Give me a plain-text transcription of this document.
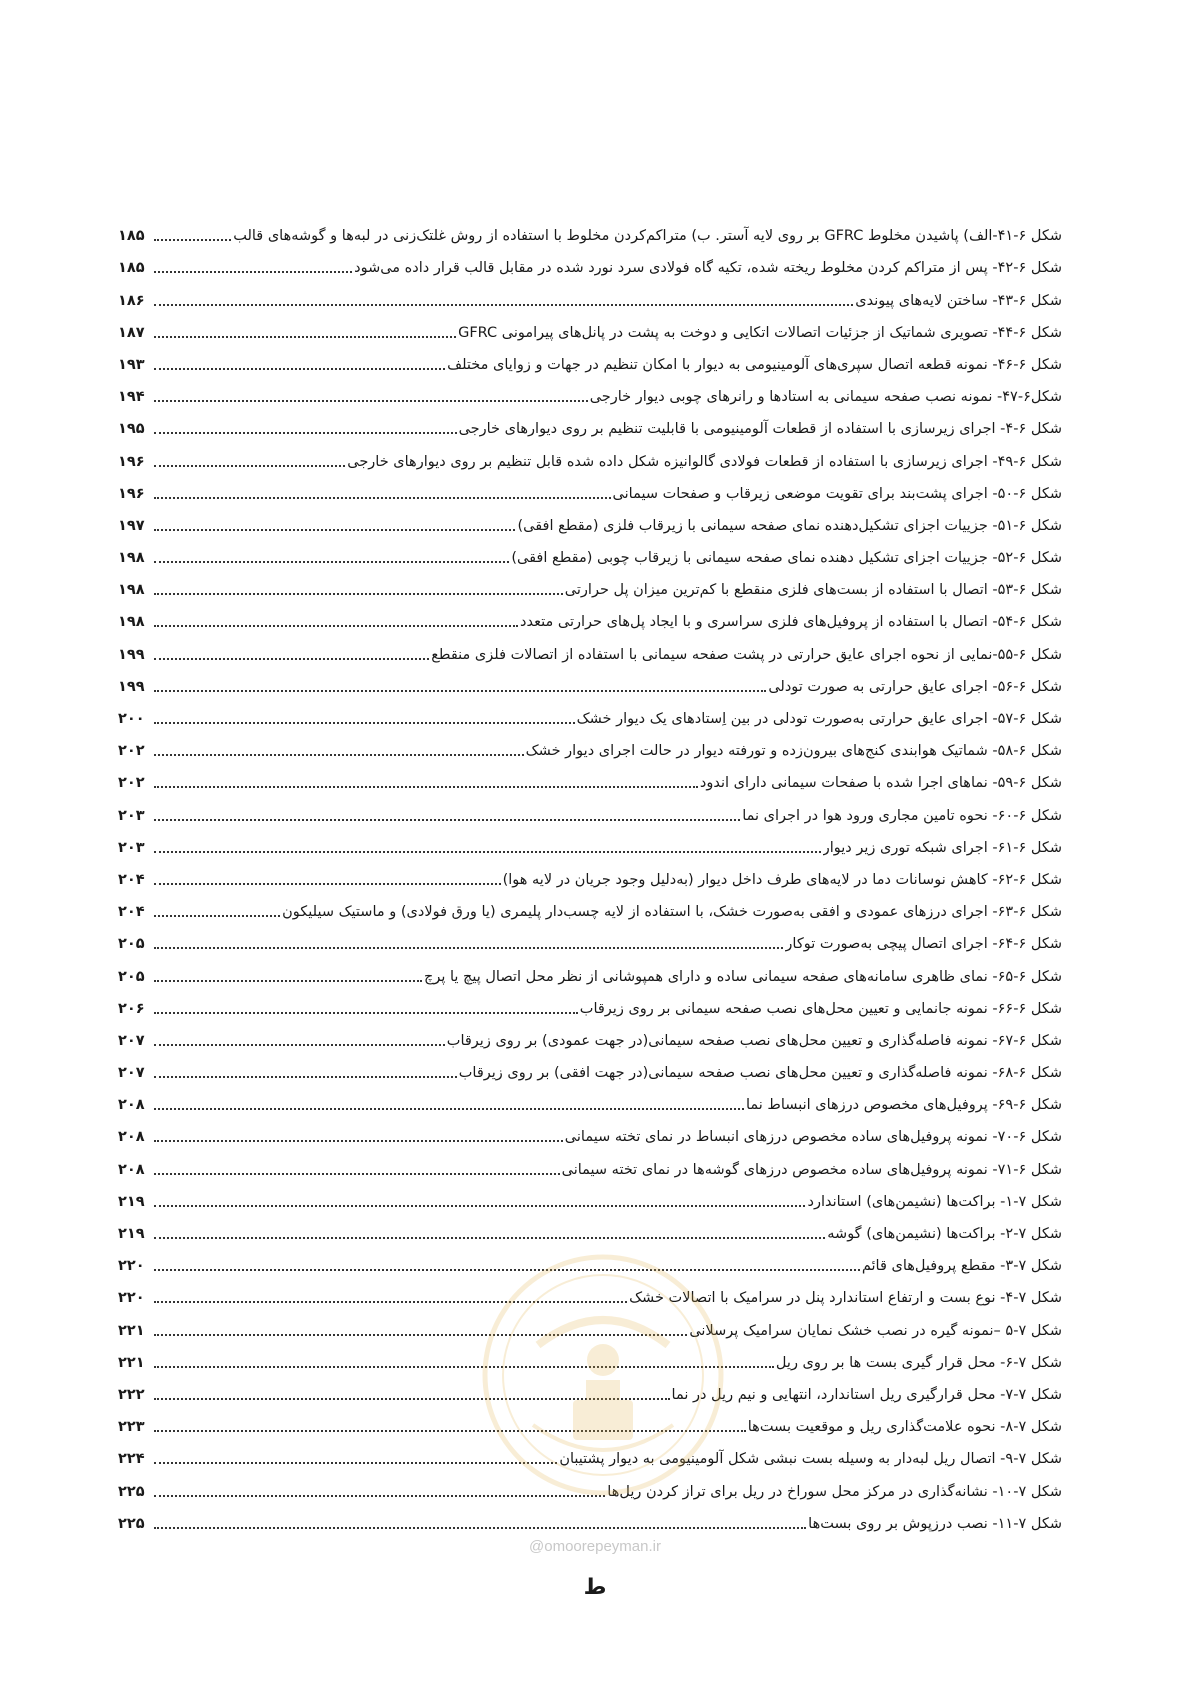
شکل ۶-۴۱-الف) پاشیدن مخلوط GFRC بر روی لایه آستر. ب) متراکم‌کردن مخلوط با استفاده از روش غلتک‌زنی در لبه‌ها و گوشه‌های قالب
۱۸۵
شکل ۶-۴۲- پس از متراکم کردن مخلوط ریخته شده، تکیه گاه فولادی سرد نورد شده در مقابل قالب قرار داده می‌شود
۱۸۵
شکل ۶-۴۳- ساختن لایه‌های پیوندی
۱۸۶
شکل ۶-۴۴- تصویری شماتیک از جزئیات اتصالات اتکایی و دوخت به پشت در پانل‌های پیرامونی GFRC
۱۸۷
شکل ۶-۴۶- نمونه قطعه اتصال سپری‌های آلومینیومی به دیوار با امکان تنظیم در جهات و زوایای مختلف
۱۹۳
شکل۶-۴۷- نمونه نصب صفحه سیمانی به استادها و رانرهای چوبی دیوار خارجی
۱۹۴
شکل ۶-۴- اجرای زیرسازی با استفاده از قطعات آلومینیومی با قابلیت تنظیم بر روی دیوارهای خارجی
۱۹۵
شکل ۶-۴۹- اجرای زیرسازی با استفاده از قطعات فولادی گالوانیزه شکل داده شده قابل تنظیم بر روی دیوارهای خارجی
۱۹۶
شکل ۶-۵۰- اجرای پشت‌بند برای تقویت موضعی زیرقاب و صفحات سیمانی
۱۹۶
شکل ۶-۵۱- جزییات اجزای تشکیل‌دهنده نمای صفحه سیمانی با زیرقاب فلزی (مقطع افقی)
۱۹۷
شکل ۶-۵۲- جزییات اجزای تشکیل دهنده نمای صفحه سیمانی با زیرقاب چوبی (مقطع افقی)
۱۹۸
شکل ۶-۵۳- اتصال با استفاده از بست‌های فلزی منقطع با کم‌ترین میزان پل حرارتی
۱۹۸
شکل ۶-۵۴- اتصال با استفاده از پروفیل‌های فلزی سراسری و با ایجاد پل‌های حرارتی متعدد
۱۹۸
شکل ۶-۵۵-نمایی از نحوه اجرای عایق حرارتی در پشت صفحه سیمانی با استفاده از اتصالات فلزی منقطع
۱۹۹
شکل ۶-۵۶- اجرای عایق حرارتی به صورت تودلی
۱۹۹
شکل ۶-۵۷- اجرای عایق حرارتی به‌صورت تودلی در بین اِستادهای یک دیوار خشک
۲۰۰
شکل ۶-۵۸- شماتیک هوابندی کنج‌های بیرون‌زده و تورفته دیوار در حالت اجرای دیوار خشک
۲۰۲
شکل ۶-۵۹- نماهای اجرا شده با صفحات سیمانی دارای اندود
۲۰۲
شکل ۶-۶۰- نحوه تامین مجاری ورود هوا در اجرای نما
۲۰۳
شکل ۶-۶۱- اجرای شبکه توری زیر دیوار
۲۰۳
شکل ۶-۶۲- کاهش نوسانات دما در لایه‌های طرف داخل دیوار (به‌دلیل وجود جریان در لایه هوا)
۲۰۴
شکل ۶-۶۳- اجرای درزهای عمودی و افقی به‌صورت خشک، با استفاده از لایه چسب‌دار پلیمری (یا ورق فولادی) و ماستیک سیلیکون
۲۰۴
شکل ۶-۶۴- اجرای اتصال پیچی به‌صورت توکار
۲۰۵
شکل ۶-۶۵- نمای ظاهری سامانه‌های صفحه سیمانی ساده و دارای همپوشانی از نظر محل اتصال پیچ یا پرچ
۲۰۵
شکل ۶-۶۶- نمونه جانمایی و تعیین محل‌های نصب صفحه سیمانی بر روی زیرقاب
۲۰۶
شکل ۶-۶۷- نمونه فاصله‌گذاری و تعیین محل‌های نصب صفحه سیمانی(در جهت عمودی) بر روی زیرقاب
۲۰۷
شکل ۶-۶۸- نمونه فاصله‌گذاری و تعیین محل‌های نصب صفحه سیمانی(در جهت افقی) بر روی زیرقاب
۲۰۷
شکل ۶-۶۹- پروفیل‌های مخصوص درزهای انبساط نما
۲۰۸
شکل ۶-۷۰- نمونه پروفیل‌های ساده مخصوص درزهای انبساط در نمای تخته سیمانی
۲۰۸
شکل ۶-۷۱- نمونه پروفیل‌های ساده مخصوص درزهای گوشه‌ها در نمای تخته سیمانی
۲۰۸
شکل ۷-۱- براکت‌ها (نشیمن‌های) استاندارد
۲۱۹
شکل ۷-۲- براکت‌ها (نشیمن‌های) گوشه
۲۱۹
شکل ۷-۳- مقطع پروفیل‌های قائم
۲۲۰
شکل ۷-۴- نوع بست و ارتفاع استاندارد پنل در سرامیک با اتصالات خشک
۲۲۰
شکل ۷-۵ –نمونه گیره در نصب خشک نمایان سرامیک پرسلانی
۲۲۱
شکل ۷-۶- محل قرار گیری بست ها بر روی ریل
۲۲۱
شکل ۷-۷- محل قرارگیری ریل استاندارد، انتهایی و نیم ریل در نما
۲۲۲
شکل ۷-۸- نحوه علامت‌گذاری ریل و موقعیت بست‌ها
۲۲۳
شکل ۷-۹- اتصال ریل لبه‌دار به وسیله بست نبشی شکل آلومینیومی به دیوار پشتیبان
۲۲۴
شکل ۷-۱۰- نشانه‌گذاری در مرکز محل سوراخ در ریل برای تراز کردن ریل‌ها
۲۲۵
شکل ۷-۱۱- نصب درزپوش بر روی بست‌ها
۲۲۵
@omoorepeyman.ir
ط
